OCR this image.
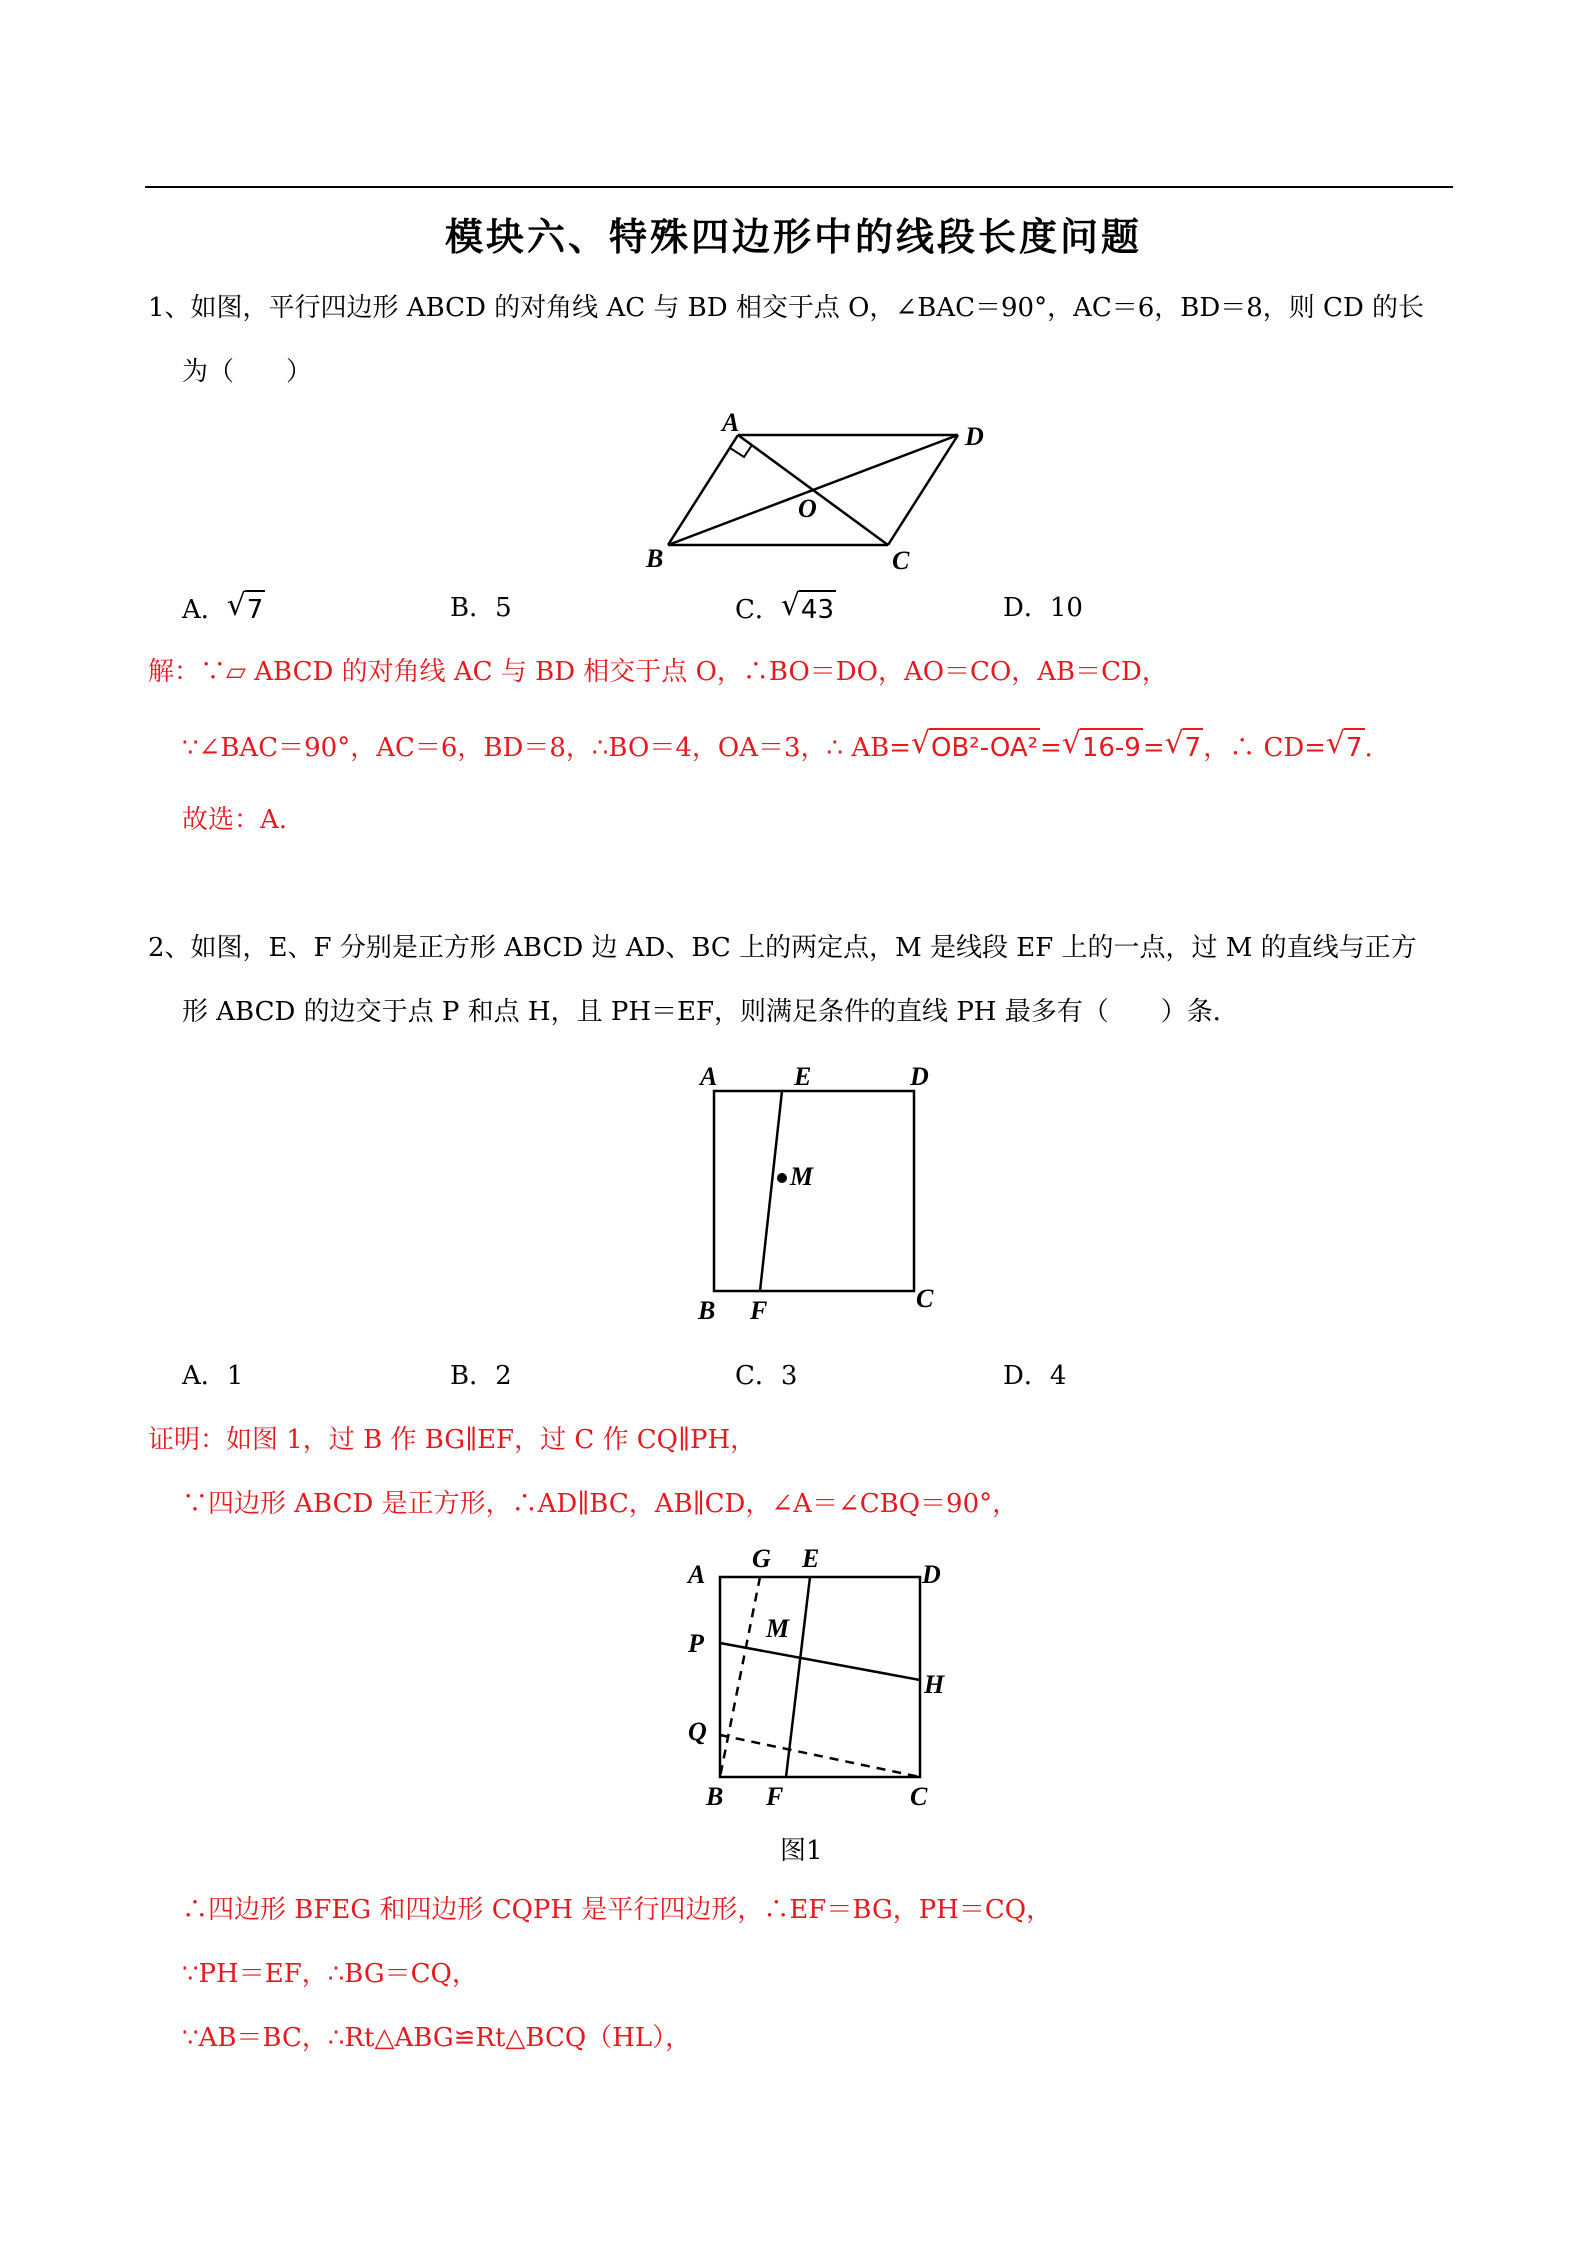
模块六、特殊四边形中的线段长度问题
1、如图，平行四边形 ABCD 的对角线 AC 与 BD 相交于点 O，∠BAC＝90°，AC＝6，BD＝8，则 CD 的长
为（　　）
A	D
B	C
O
A． √ 7	B．5	C． √ 43	D．10
解：∵▱ ABCD 的对角线 AC 与 BD 相交于点 O，∴BO＝DO，AO＝CO，AB＝CD，
∵∠BAC＝90°，AC＝6，BD＝8，∴BO＝4，OA＝3，∴ AB= √ OB²-OA²= √ 16-9= √ 7，∴ CD= √ 7.
故选：A.
2、如图，E、F 分别是正方形 ABCD 边 AD、BC 上的两定点，M 是线段 EF 上的一点，过 M 的直线与正方
形 ABCD 的边交于点 P 和点 H，且 PH＝EF，则满足条件的直线 PH 最多有（　　）条．
A	E	D
M
B F	C
A．1	B．2	C．3	D．4
证明：如图 1，过 B 作 BG∥EF，过 C 作 CQ∥PH，
∵四边形 ABCD 是正方形，∴AD∥BC，AB∥CD，∠A＝∠CBQ＝90°，
A
G E
D
P
M
H
Q
B F	C
图1
∴四边形 BFEG 和四边形 CQPH 是平行四边形，∴EF＝BG，PH＝CQ，
∵PH＝EF，∴BG＝CQ，
∵AB＝BC，∴Rt△ABG≌Rt△BCQ（HL），
